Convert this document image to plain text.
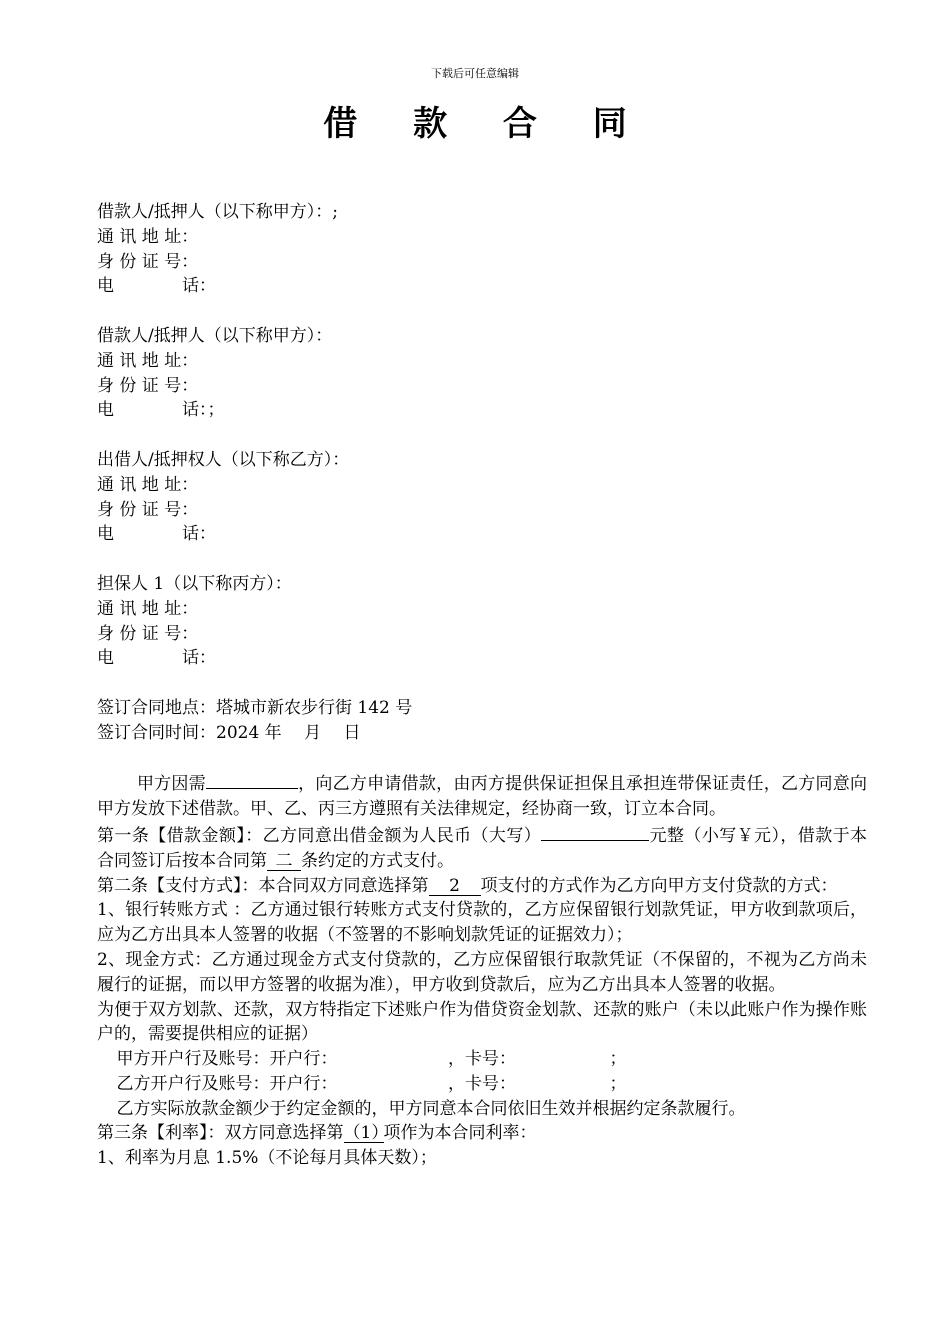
下载后可任意编辑
借 款 合 同
借款人/抵押人（以下称甲方）：;
通 讯 地 址：
身 份 证 号：
电	话：
借款人/抵押人（以下称甲方）：
通 讯 地 址：
身 份 证 号：
电	话：；
出借人/抵押权人（以下称乙方）：
通 讯 地 址：
身 份 证 号：
电	话：
担保人 1（以下称丙方）：
通 讯 地 址：
身 份 证 号：
电	话：
签订合同地点：塔城市新农步行街 142 号
签订合同时间：2024 年　 月　 日
甲方因需	，向乙方申请借款，由丙方提供保证担保且承担连带保证责任，乙方同意向甲方发放下述借款。甲、乙、丙三方遵照有关法律规定，经协商一致，订立本合同。
第一条【借款金额】：乙方同意出借金额为人民币（大写）	元整（小写￥元），借款于本合同签订后按本合同第 二 条约定的方式支付。
第二条【支付方式】：本合同双方同意选择第 2 项支付的方式作为乙方向甲方支付贷款的方式：
1、银行转账方式 ：乙方通过银行转账方式支付贷款的，乙方应保留银行划款凭证，甲方收到款项后，应为乙方出具本人签署的收据（不签署的不影响划款凭证的证据效力）；
2、现金方式：乙方通过现金方式支付贷款的，乙方应保留银行取款凭证（不保留的，不视为乙方尚未履行的证据，而以甲方签署的收据为准），甲方收到贷款后，应为乙方出具本人签署的收据。
为便于双方划款、还款，双方特指定下述账户作为借贷资金划款、还款的账户（未以此账户作为操作账户的，需要提供相应的证据）
甲方开户行及账号：开户行：　　　　　　　，卡号：　　　　　　；
乙方开户行及账号：开户行：　　　　　　　，卡号：　　　　　　；
乙方实际放款金额少于约定金额的，甲方同意本合同依旧生效并根据约定条款履行。
第三条【利率】：双方同意选择第（1）项作为本合同利率：
1、利率为月息 1.5%（不论每月具体天数）；
